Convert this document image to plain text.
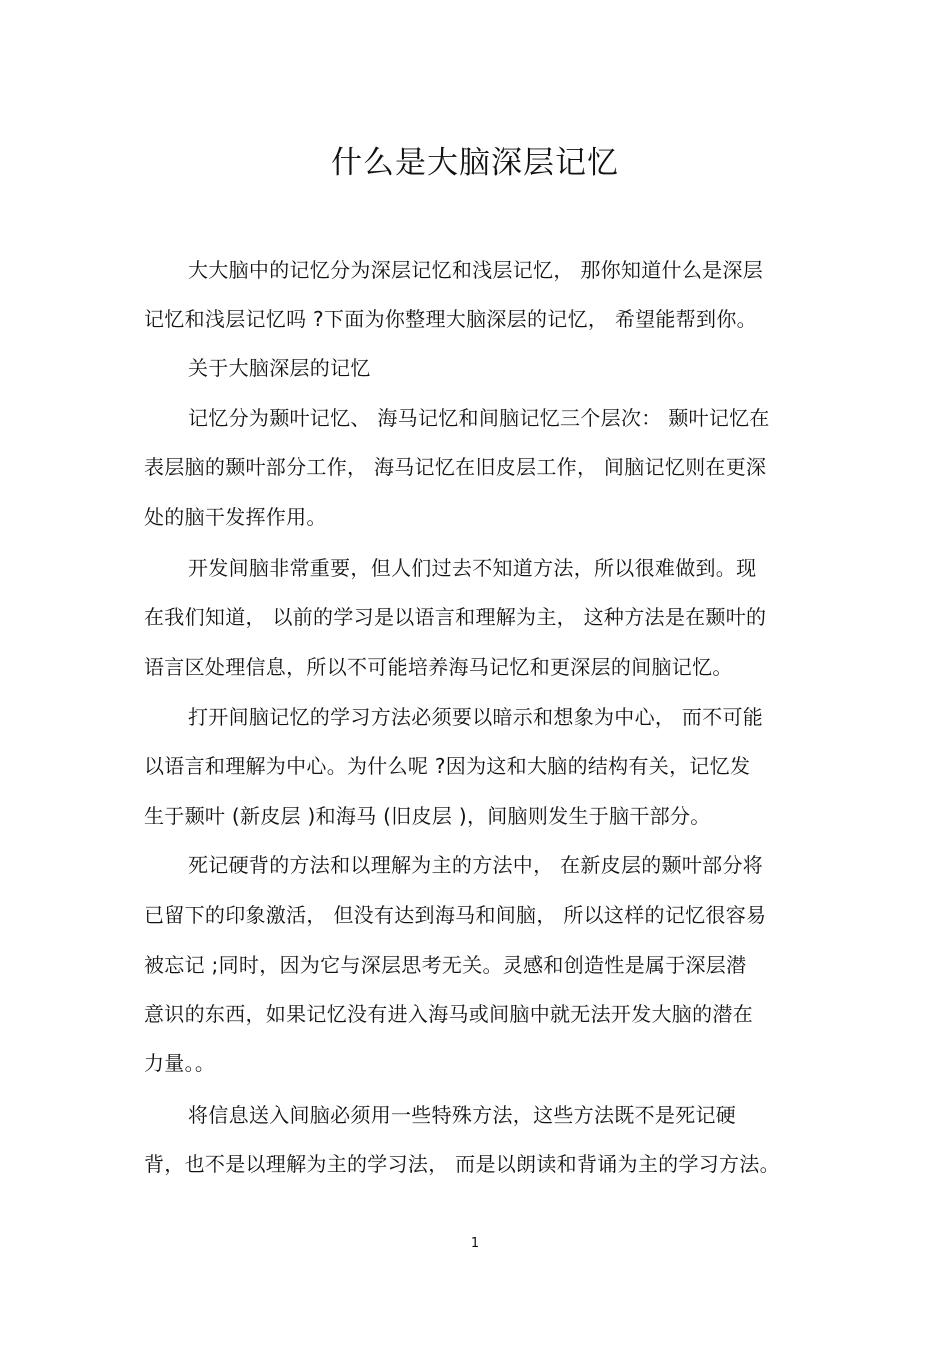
什么是大脑深层记忆
大大脑中的记忆分为深层记忆和浅层记忆， 那你知道什么是深层
记忆和浅层记忆吗 ?下面为你整理大脑深层的记忆， 希望能帮到你。
关于大脑深层的记忆
记忆分为颞叶记忆、 海马记忆和间脑记忆三个层次： 颞叶记忆在
表层脑的颞叶部分工作， 海马记忆在旧皮层工作， 间脑记忆则在更深
处的脑干发挥作用。
开发间脑非常重要，但人们过去不知道方法，所以很难做到。现
在我们知道， 以前的学习是以语言和理解为主， 这种方法是在颞叶的
语言区处理信息，所以不可能培养海马记忆和更深层的间脑记忆。
打开间脑记忆的学习方法必须要以暗示和想象为中心， 而不可能
以语言和理解为中心。为什么呢 ?因为这和大脑的结构有关，记忆发
生于颞叶 (新皮层 )和海马 (旧皮层 )，间脑则发生于脑干部分。
死记硬背的方法和以理解为主的方法中， 在新皮层的颞叶部分将
已留下的印象激活， 但没有达到海马和间脑， 所以这样的记忆很容易
被忘记 ;同时，因为它与深层思考无关。灵感和创造性是属于深层潜
意识的东西，如果记忆没有进入海马或间脑中就无法开发大脑的潜在
力量。。
将信息送入间脑必须用一些特殊方法，这些方法既不是死记硬
背，也不是以理解为主的学习法， 而是以朗读和背诵为主的学习方法。
1
